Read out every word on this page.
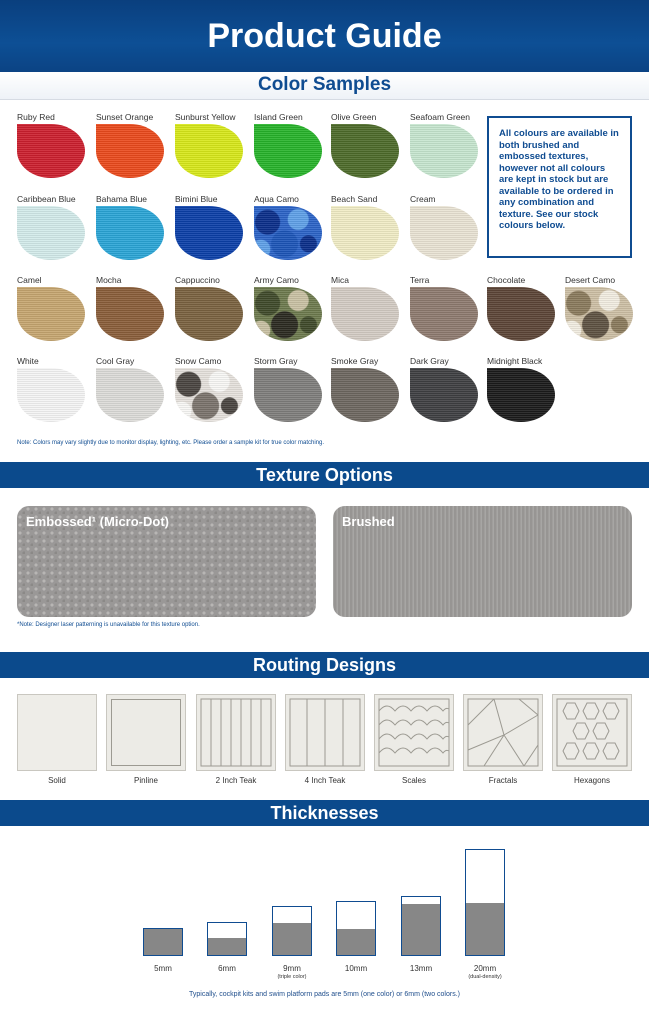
Product Guide
Color Samples
Ruby Red	Sunset Orange	Sunburst Yellow Island Green	Olive Green	Seafoam Green
Caribbean Blue Bahama Blue	Bimini Blue	Aqua Camo	Beach Sand	Cream
Camel	Mocha	Cappuccino	Army Camo	Mica	Terra	Chocolate	Desert Camo
White	Cool Gray	Snow Camo	Storm Gray	Smoke Gray	Dark Gray	Midnight Black
All colours are available in both brushed and embossed textures, however not all colours are kept in stock but are available to be ordered in any combination and texture. See our stock colours below.
Note: Colors may vary slightly due to monitor display, lighting, etc. Please order a sample kit for true color matching.
Texture Options
Embossed¹ (Micro-Dot)	Brushed
*Note: Designer laser patterning is unavailable for this texture option.
Routing Designs
Solid	Pinline	2 Inch Teak	4 Inch Teak	Scales	Fractals	Hexagons
Thicknesses
5mm	6mm	9mm
(triple color)
10mm	13mm	20mm
(dual-density)
Typically, cockpit kits and swim platform pads are 5mm (one color) or 6mm (two colors.)
